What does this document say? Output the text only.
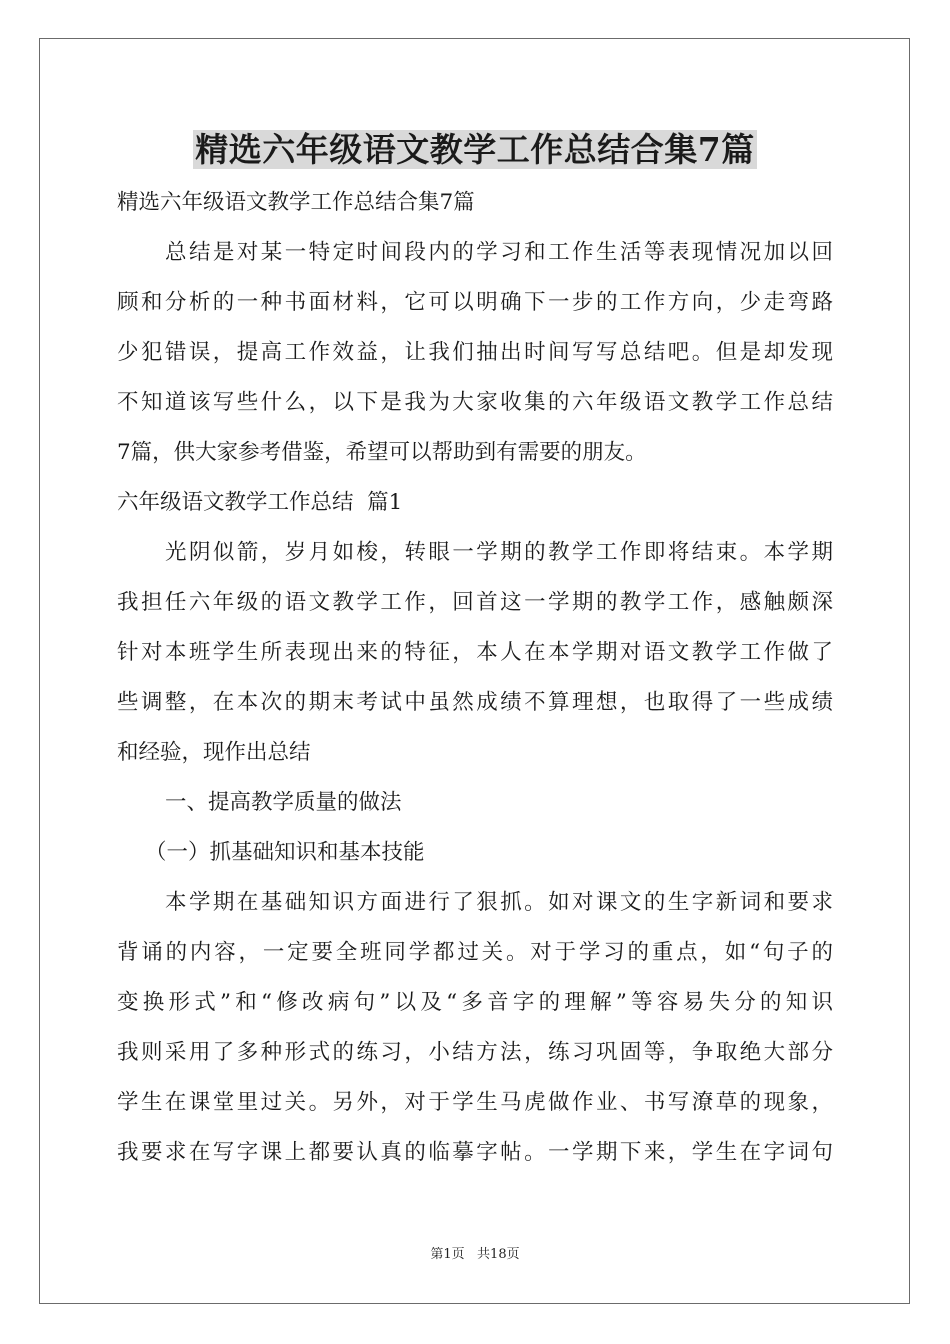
精选六年级语文教学工作总结合集7篇
精选六年级语文教学工作总结合集7篇
总结是对某一特定时间段内的学习和工作生活等表现情况加以回
顾和分析的一种书面材料，它可以明确下一步的工作方向，少走弯路
少犯错误，提高工作效益，让我们抽出时间写写总结吧。但是却发现
不知道该写些什么，以下是我为大家收集的六年级语文教学工作总结
7篇，供大家参考借鉴，希望可以帮助到有需要的朋友。
六年级语文教学工作总结  篇1
光阴似箭，岁月如梭，转眼一学期的教学工作即将结束。本学期
我担任六年级的语文教学工作，回首这一学期的教学工作，感触颇深
针对本班学生所表现出来的特征，本人在本学期对语文教学工作做了
些调整，在本次的期末考试中虽然成绩不算理想，也取得了一些成绩
和经验，现作出总结
一、提高教学质量的做法
（一）抓基础知识和基本技能
本学期在基础知识方面进行了狠抓。如对课文的生字新词和要求
背诵的内容，一定要全班同学都过关。对于学习的重点，如“句子的
变换形式”和“修改病句”以及“多音字的理解”等容易失分的知识
我则采用了多种形式的练习，小结方法，练习巩固等，争取绝大部分
学生在课堂里过关。另外，对于学生马虎做作业、书写潦草的现象，
我要求在写字课上都要认真的临摹字帖。一学期下来，学生在字词句
第1页   共18页
